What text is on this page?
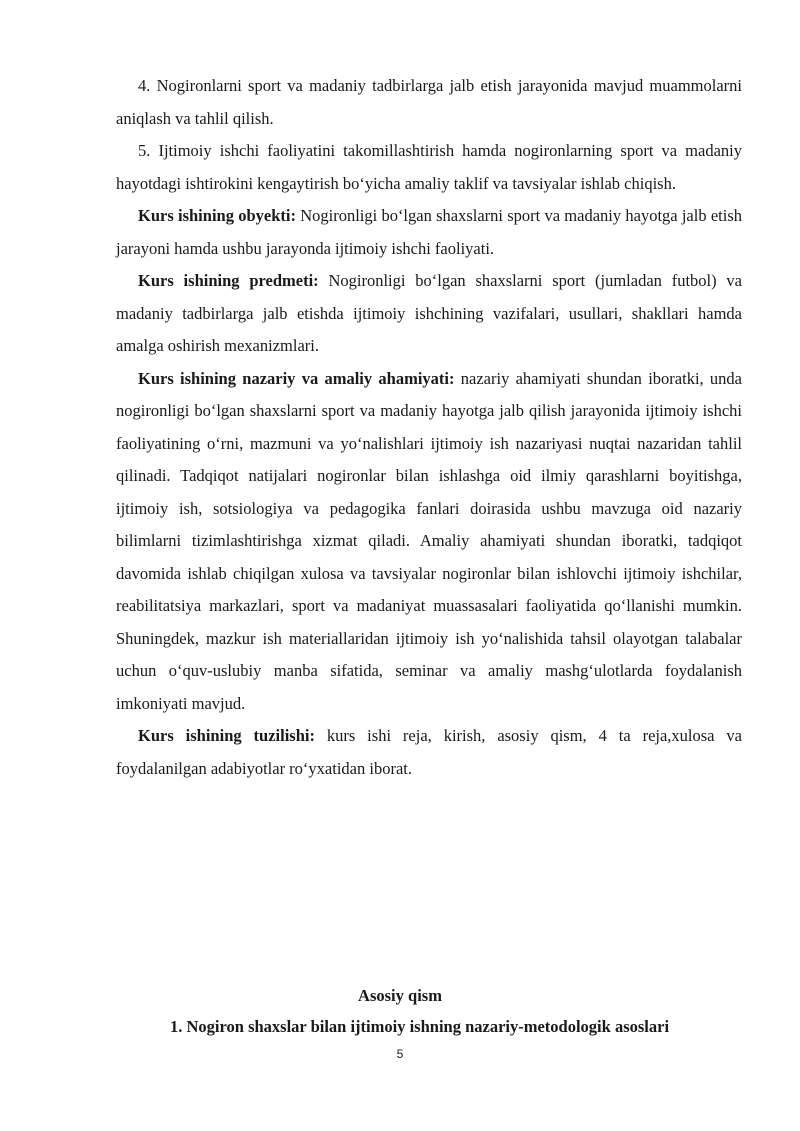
4. Nogironlarni sport va madaniy tadbirlarga jalb etish jarayonida mavjud muammolarni aniqlash va tahlil qilish.

5. Ijtimoiy ishchi faoliyatini takomillashtirish hamda nogironlarning sport va madaniy hayotdagi ishtirokini kengaytirish bo‘yicha amaliy taklif va tavsiyalar ishlab chiqish.

Kurs ishining obyekti: Nogironligi bo‘lgan shaxslarni sport va madaniy hayotga jalb etish jarayoni hamda ushbu jarayonda ijtimoiy ishchi faoliyati.

Kurs ishining predmeti: Nogironligi bo‘lgan shaxslarni sport (jumladan futbol) va madaniy tadbirlarga jalb etishda ijtimoiy ishchining vazifalari, usullari, shakllari hamda amalga oshirish mexanizmlari.

Kurs ishining nazariy va amaliy ahamiyati: nazariy ahamiyati shundan iboratki, unda nogironligi bo‘lgan shaxslarni sport va madaniy hayotga jalb qilish jarayonida ijtimoiy ishchi faoliyatining o‘rni, mazmuni va yo‘nalishlari ijtimoiy ish nazariyasi nuqtai nazaridan tahlil qilinadi. Tadqiqot natijalari nogironlar bilan ishlashga oid ilmiy qarashlarni boyitishga, ijtimoiy ish, sotsiologiya va pedagogika fanlari doirasida ushbu mavzuga oid nazariy bilimlarni tizimlashtirishga xizmat qiladi. Amaliy ahamiyati shundan iboratki, tadqiqot davomida ishlab chiqilgan xulosa va tavsiyalar nogironlar bilan ishlovchi ijtimoiy ishchilar, reabilitatsiya markazlari, sport va madaniyat muassasalari faoliyatida qo‘llanishi mumkin. Shuningdek, mazkur ish materiallaridan ijtimoiy ish yo‘nalishida tahsil olayotgan talabalar uchun o‘quv-uslubiy manba sifatida, seminar va amaliy mashg‘ulotlarda foydalanish imkoniyati mavjud.

Kurs ishining tuzilishi: kurs ishi reja, kirish, asosiy qism, 4 ta reja,xulosa va foydalanilgan adabiyotlar ro‘yxatidan iborat.

Asosiy qism
1. Nogiron shaxslar bilan ijtimoiy ishning nazariy-metodologik asoslari
5
